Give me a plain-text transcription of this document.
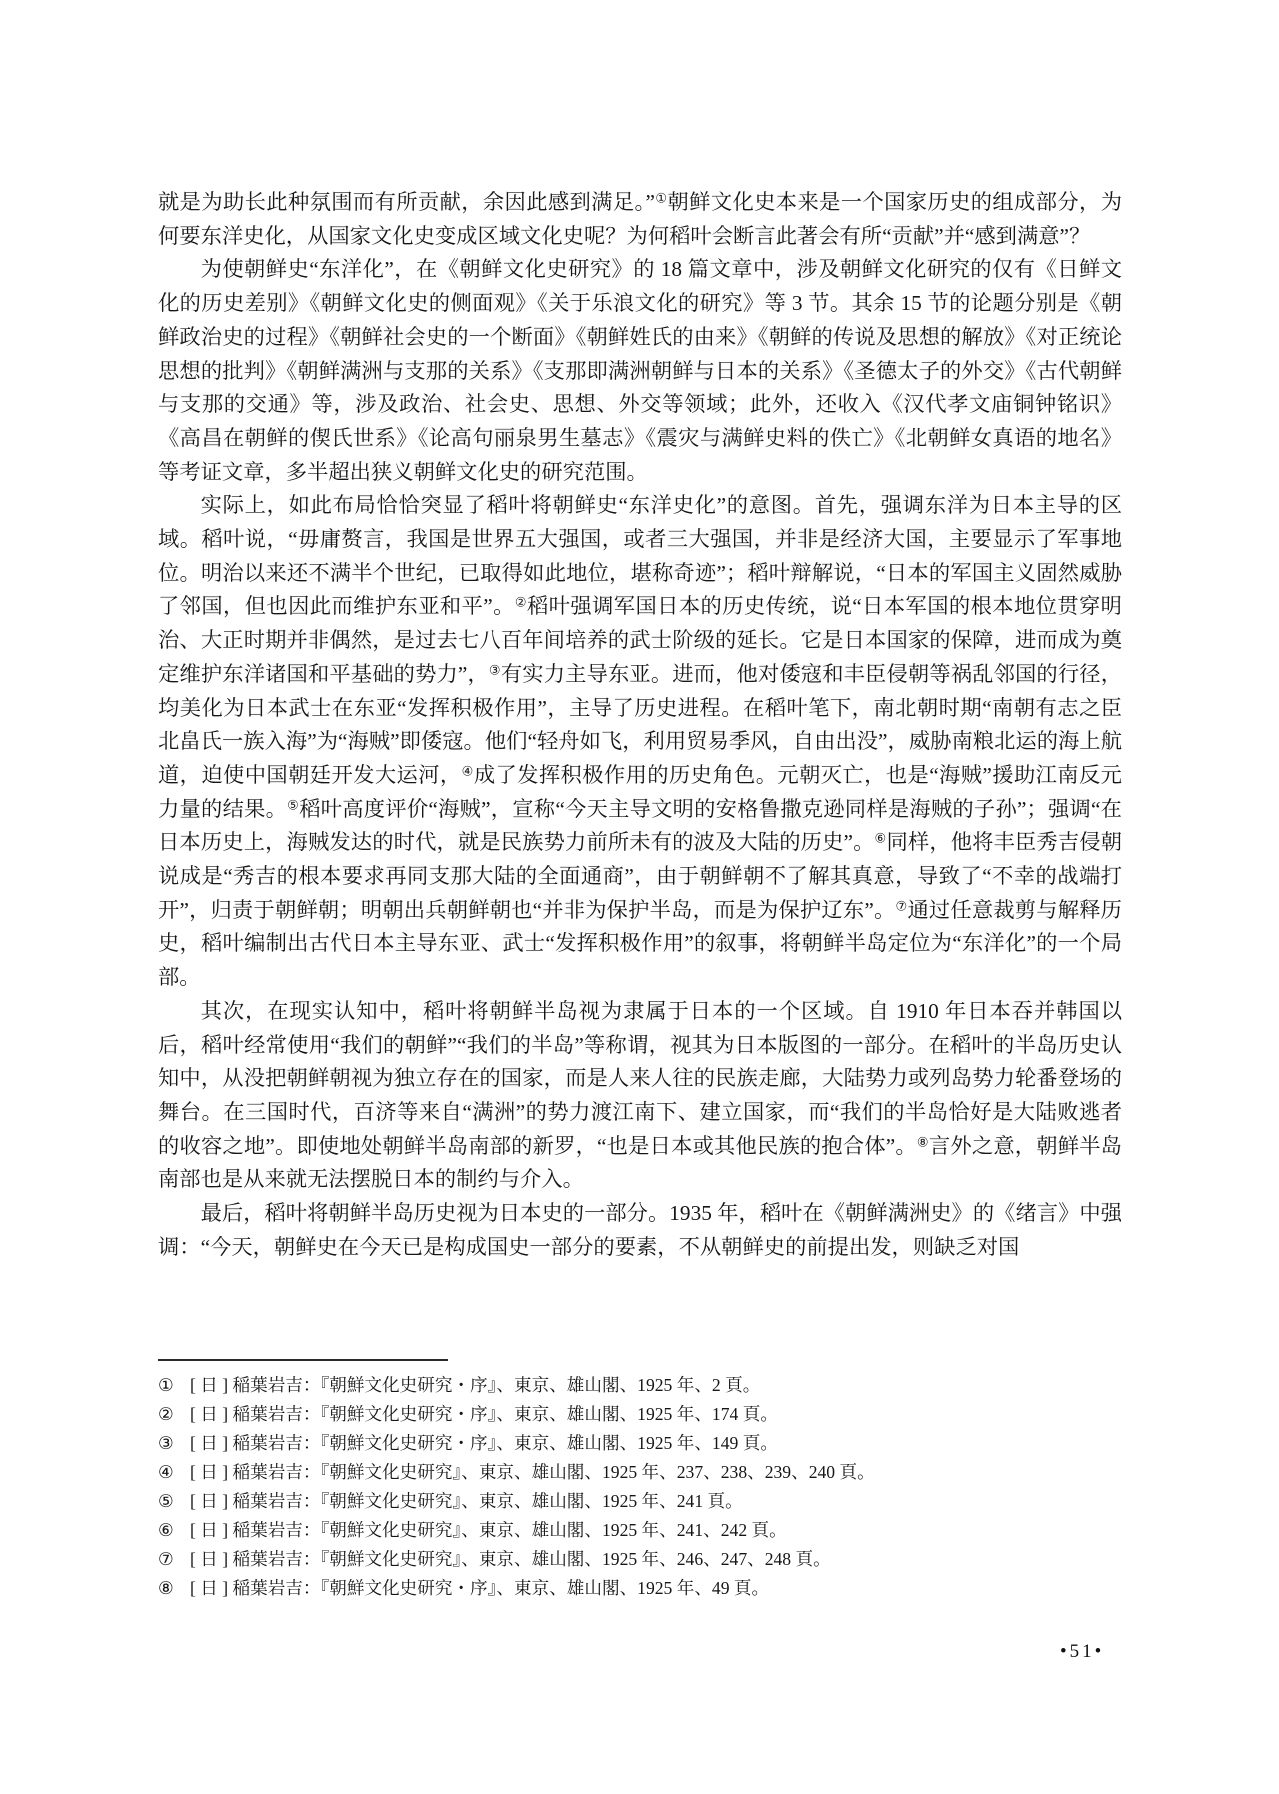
就是为助长此种氛围而有所贡献，余因此感到满足。”①朝鲜文化史本来是一个国家历史的组成部分，为何要东洋史化，从国家文化史变成区域文化史呢？为何稻叶会断言此著会有所“贡献”并“感到满意”？

为使朝鲜史“东洋化”，在《朝鲜文化史研究》的 18 篇文章中，涉及朝鲜文化研究的仅有《日鲜文化的历史差别》《朝鲜文化史的侧面观》《关于乐浪文化的研究》等 3 节。其余 15 节的论题分别是《朝鲜政治史的过程》《朝鲜社会史的一个断面》《朝鲜姓氏的由来》《朝鲜的传说及思想的解放》《对正统论思想的批判》《朝鲜满洲与支那的关系》《支那即满洲朝鲜与日本的关系》《圣德太子的外交》《古代朝鲜与支那的交通》等，涉及政治、社会史、思想、外交等领域；此外，还收入《汉代孝文庙铜钟铭识》《高昌在朝鲜的偰氏世系》《论高句丽泉男生墓志》《震灾与满鲜史料的佚亡》《北朝鲜女真语的地名》等考证文章，多半超出狭义朝鲜文化史的研究范围。

实际上，如此布局恰恰突显了稻叶将朝鲜史“东洋史化”的意图。首先，强调东洋为日本主导的区域。稻叶说，“毋庸赘言，我国是世界五大强国，或者三大强国，并非是经济大国，主要显示了军事地位。明治以来还不满半个世纪，已取得如此地位，堪称奇迹”；稻叶辩解说，“日本的军国主义固然威胁了邻国，但也因此而维护东亚和平”。②稻叶强调军国日本的历史传统，说“日本军国的根本地位贯穿明治、大正时期并非偶然，是过去七八百年间培养的武士阶级的延长。它是日本国家的保障，进而成为奠定维护东洋诸国和平基础的势力”，③有实力主导东亚。进而，他对倭寇和丰臣侵朝等祸乱邻国的行径，均美化为日本武士在东亚“发挥积极作用”，主导了历史进程。在稻叶笔下，南北朝时期“南朝有志之臣北畠氏一族入海”为“海贼”即倭寇。他们“轻舟如飞，利用贸易季风，自由出没”，威胁南粮北运的海上航道，迫使中国朝廷开发大运河，④成了发挥积极作用的历史角色。元朝灭亡，也是“海贼”援助江南反元力量的结果。⑤稻叶高度评价“海贼”，宣称“今天主导文明的安格鲁撒克逊同样是海贼的子孙”；强调“在日本历史上，海贼发达的时代，就是民族势力前所未有的波及大陆的历史”。⑥同样，他将丰臣秀吉侵朝说成是“秀吉的根本要求再同支那大陆的全面通商”，由于朝鲜朝不了解其真意，导致了“不幸的战端打开”，归责于朝鲜朝；明朝出兵朝鲜朝也“并非为保护半岛，而是为保护辽东”。⑦通过任意裁剪与解释历史，稻叶编制出古代日本主导东亚、武士“发挥积极作用”的叙事，将朝鲜半岛定位为“东洋化”的一个局部。

其次，在现实认知中，稻叶将朝鲜半岛视为隶属于日本的一个区域。自 1910 年日本吞并韩国以后，稻叶经常使用“我们的朝鲜”“我们的半岛”等称谓，视其为日本版图的一部分。在稻叶的半岛历史认知中，从没把朝鲜朝视为独立存在的国家，而是人来人往的民族走廊，大陆势力或列岛势力轮番登场的舞台。在三国时代，百济等来自“满洲”的势力渡江南下、建立国家，而“我们的半岛恰好是大陆败逃者的收容之地”。即使地处朝鲜半岛南部的新罗，“也是日本或其他民族的抱合体”。⑧言外之意，朝鲜半岛南部也是从来就无法摆脱日本的制约与介入。

最后，稻叶将朝鲜半岛历史视为日本史的一部分。1935 年，稻叶在《朝鲜满洲史》的《绪言》中强调：“今天，朝鲜史在今天已是构成国史一部分的要素，不从朝鲜史的前提出发，则缺乏对国

① [ 日 ] 稲葉岩吉：『朝鮮文化史研究・序』、東京、雄山閣、1925 年、2 頁。
② [ 日 ] 稲葉岩吉：『朝鮮文化史研究・序』、東京、雄山閣、1925 年、174 頁。
③ [ 日 ] 稲葉岩吉：『朝鮮文化史研究・序』、東京、雄山閣、1925 年、149 頁。
④ [ 日 ] 稲葉岩吉：『朝鮮文化史研究』、東京、雄山閣、1925 年、237、238、239、240 頁。
⑤ [ 日 ] 稲葉岩吉：『朝鮮文化史研究』、東京、雄山閣、1925 年、241 頁。
⑥ [ 日 ] 稲葉岩吉：『朝鮮文化史研究』、東京、雄山閣、1925 年、241、242 頁。
⑦ [ 日 ] 稲葉岩吉：『朝鮮文化史研究』、東京、雄山閣、1925 年、246、247、248 頁。
⑧ [ 日 ] 稲葉岩吉：『朝鮮文化史研究・序』、東京、雄山閣、1925 年、49 頁。
•51•
